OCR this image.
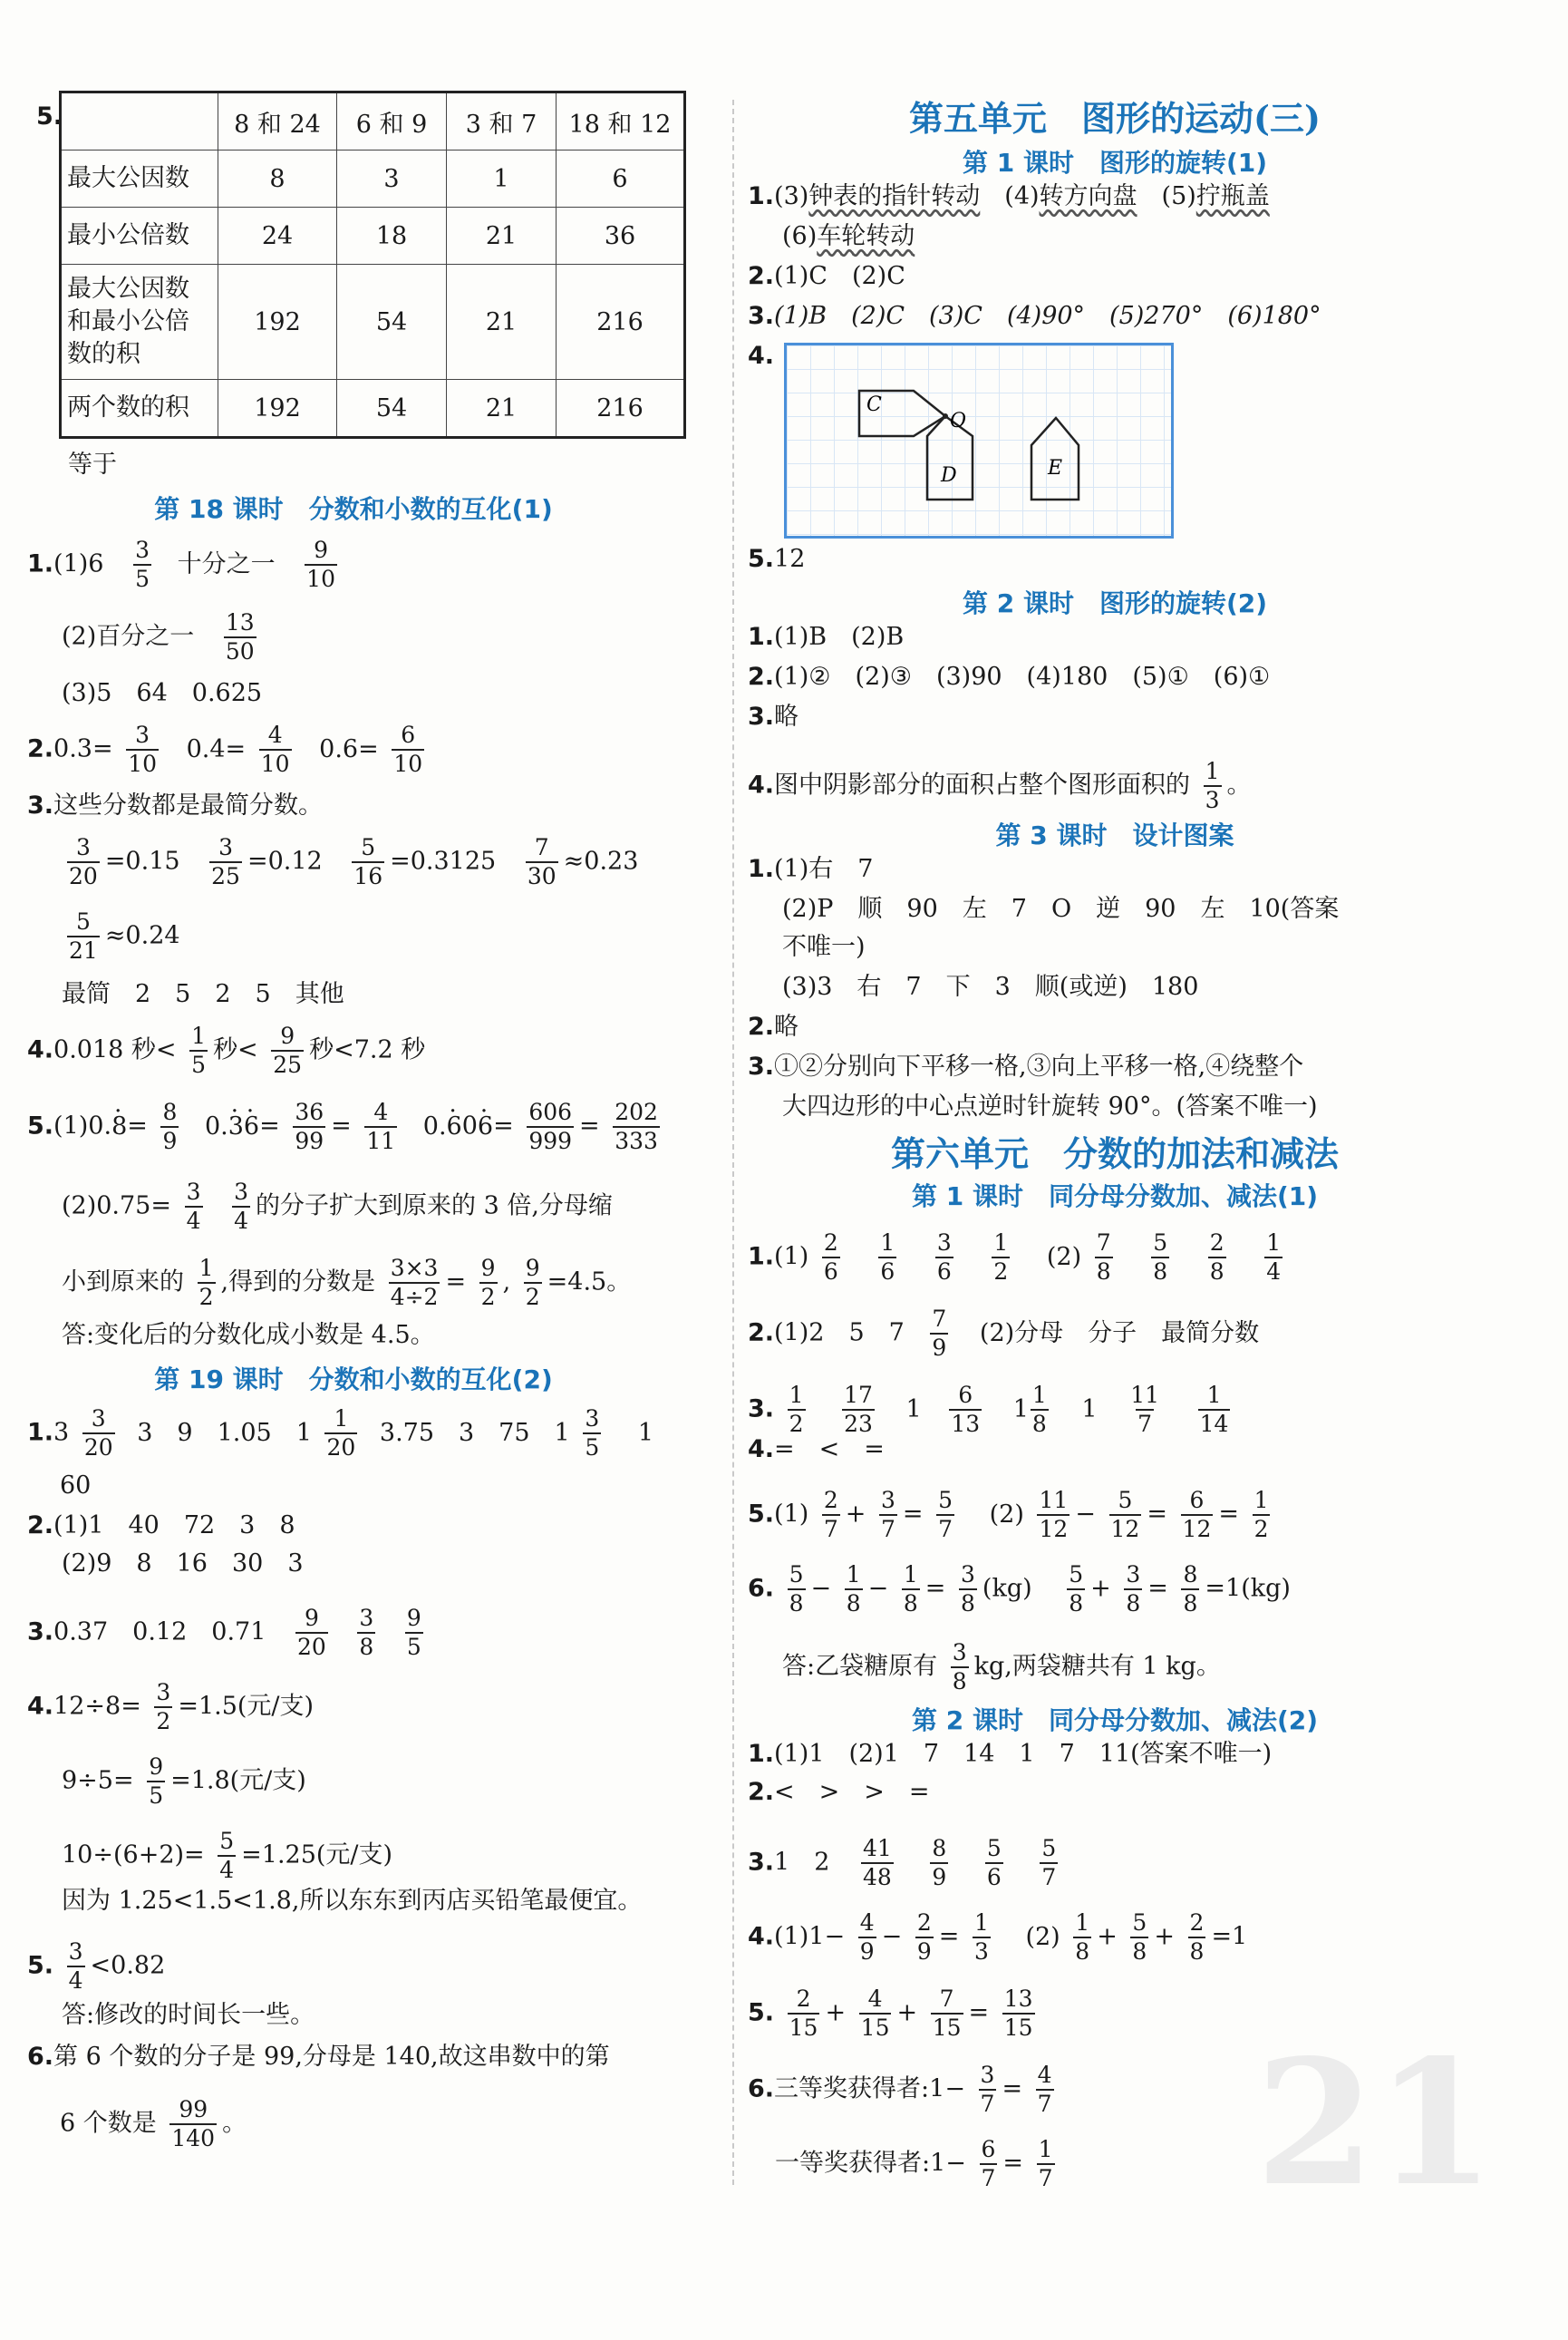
5.
		8 和 24	6 和 9	3 和 7	18 和 12
最大公因数	8	3	1	6
最小公倍数	24	18	21	36
最大公因数和最小公倍数的积	192	54	21	216
两个数的积	192	54	21	216
等于
第 18 课时　分数和小数的互化(1)
$1.(1)6 \frac{3}{5}$ 十分之一 $\frac{9}{10}$
(2)百分之一 $\frac{13}{50}$
(3)5　64　0.625
$2.0.3= \frac{3}{10} 0.4= \frac{4}{10} 0.6= \frac{6}{10}$
3.这些分数都是最简分数。
$\frac{3}{20} =0.15 \frac{3}{25} =0.12 \frac{5}{16} =0.3125 \frac{7}{30} \approx 0.23$
$\frac{5}{21} \approx 0.24$
最简　2　5　2　5　其他
4.0.018 秒< $\frac{1}{5}$ 秒< $\frac{9}{25}$ 秒<7.2 秒
$5.(1)0.\cdot 8= \frac{8}{9} 0.\cdot 3\cdot 6= \frac{36}{99} = \frac{4}{11} 0.\cdot 60\cdot 6= \frac{606}{999} = \frac{202}{333}$
$(2)0.75= \frac{3}{4}$
$\frac{3}{4}$ 的分子扩大到原来的 3 倍,分母缩
小到原来的 $\frac{1}{2}$ ,得到的分数是 $\frac{3\times 3}{4\div 2} = \frac{9}{2}$ , $\frac{9}{2} =4.5$。
答:变化后的分数化成小数是 4.5。
第 19 课时　分数和小数的互化(2)
$1.3 \frac{3}{20} 3$　9　1.05　$1 \frac{1}{20} 3.75$　3　75　$1 \frac{3}{5} 1$
60
2.(1)1　40　72　3　8
(2)9　8　16　30　3
3.0.37　0.12　$0.71 \frac{9}{20}$
$\frac{3}{8}$
$\frac{9}{5}$
$4.12\div 8= \frac{3}{2} =1.5$(元/支)
$9\div 5= \frac{9}{5} =1.8$(元/支)
$10\div(6+2)= \frac{5}{4} =1.25$(元/支)
因为 1.25<1.5<1.8,所以东东到丙店买铅笔最便宜。
5. $\frac{3}{4} <0.82$
答:修改的时间长一些。
6.第 6 个数的分子是 99,分母是 140,故这串数中的第
6 个数是 $\frac{99}{140}$ 。
第五单元　图形的运动(三)
第 1 课时　图形的旋转(1)
1.(3)钟表的指针转动　(4)转方向盘　(5)拧瓶盖
(6)车轮转动
2.(1)C　(2)C
3.(1)B　(2)C　(3)C　(4)90°　(5)270°　(6)180°
4.
5.12
第 2 课时　图形的旋转(2)
1.(1)B　(2)B
2.(1)②　(2)③　(3)90　(4)180　(5)①　(6)①
3.略
4.图中阴影部分的面积占整个图形面积的 $\frac{1}{3}$ 。
第 3 课时　设计图案
1.(1)右　7
(2)P　顺　90　左　7　O　逆　90　左　10(答案
不唯一)
(3)3　右　7　下　3　顺(或逆)　180
2.略
3.①②分别向下平移一格,③向上平移一格,④绕整个
大四边形的中心点逆时针旋转 90°。(答案不唯一)
第六单元　分数的加法和减法
第 1 课时　同分母分数加、减法(1)
$1.(1) \frac{2}{6}$
$\frac{1}{6}$
$\frac{3}{6}$
$\frac{1}{2} (2) \frac{7}{8}$
$\frac{5}{8}$
$\frac{2}{8}$
$\frac{1}{4}$
2.(1)2　5　$7 \frac{7}{9} (2)$分母　分子　最简分数
3. $\frac{1}{2}$
$\frac{17}{23} 1 \frac{6}{13} 1 \frac{1}{8} 1 \frac{11}{7}$
$\frac{1}{14}$
4.=　<　=
$5.(1) \frac{2}{7} + \frac{3}{7} = \frac{5}{7} (2) \frac{11}{12} - \frac{5}{12} = \frac{6}{12} = \frac{1}{2}$
6. $\frac{5}{8} - \frac{1}{8} - \frac{1}{8} = \frac{3}{8} (kg) \frac{5}{8} + \frac{3}{8} = \frac{8}{8} =1(kg)$
答:乙袋糖原有 $\frac{3}{8}$ kg,两袋糖共有 1 kg。
第 2 课时　同分母分数加、减法(2)
1.(1)1　(2)1　7　14　1　7　11(答案不唯一)
2.<　>　>　=
3.1　$2 \frac{41}{48}$
$\frac{8}{9}$
$\frac{5}{6}$
$\frac{5}{7}$
$4.(1)1- \frac{4}{9} - \frac{2}{9} = \frac{1}{3} (2) \frac{1}{8} + \frac{5}{8} + \frac{2}{8} =1$
5. $\frac{2}{15} + \frac{4}{15} + \frac{7}{15} = \frac{13}{15}$
6.三等奖获得者:1− $\frac{3}{7} = \frac{4}{7}$
一等奖获得者:1− $\frac{6}{7} = \frac{1}{7}$
C
O
D	E
21
